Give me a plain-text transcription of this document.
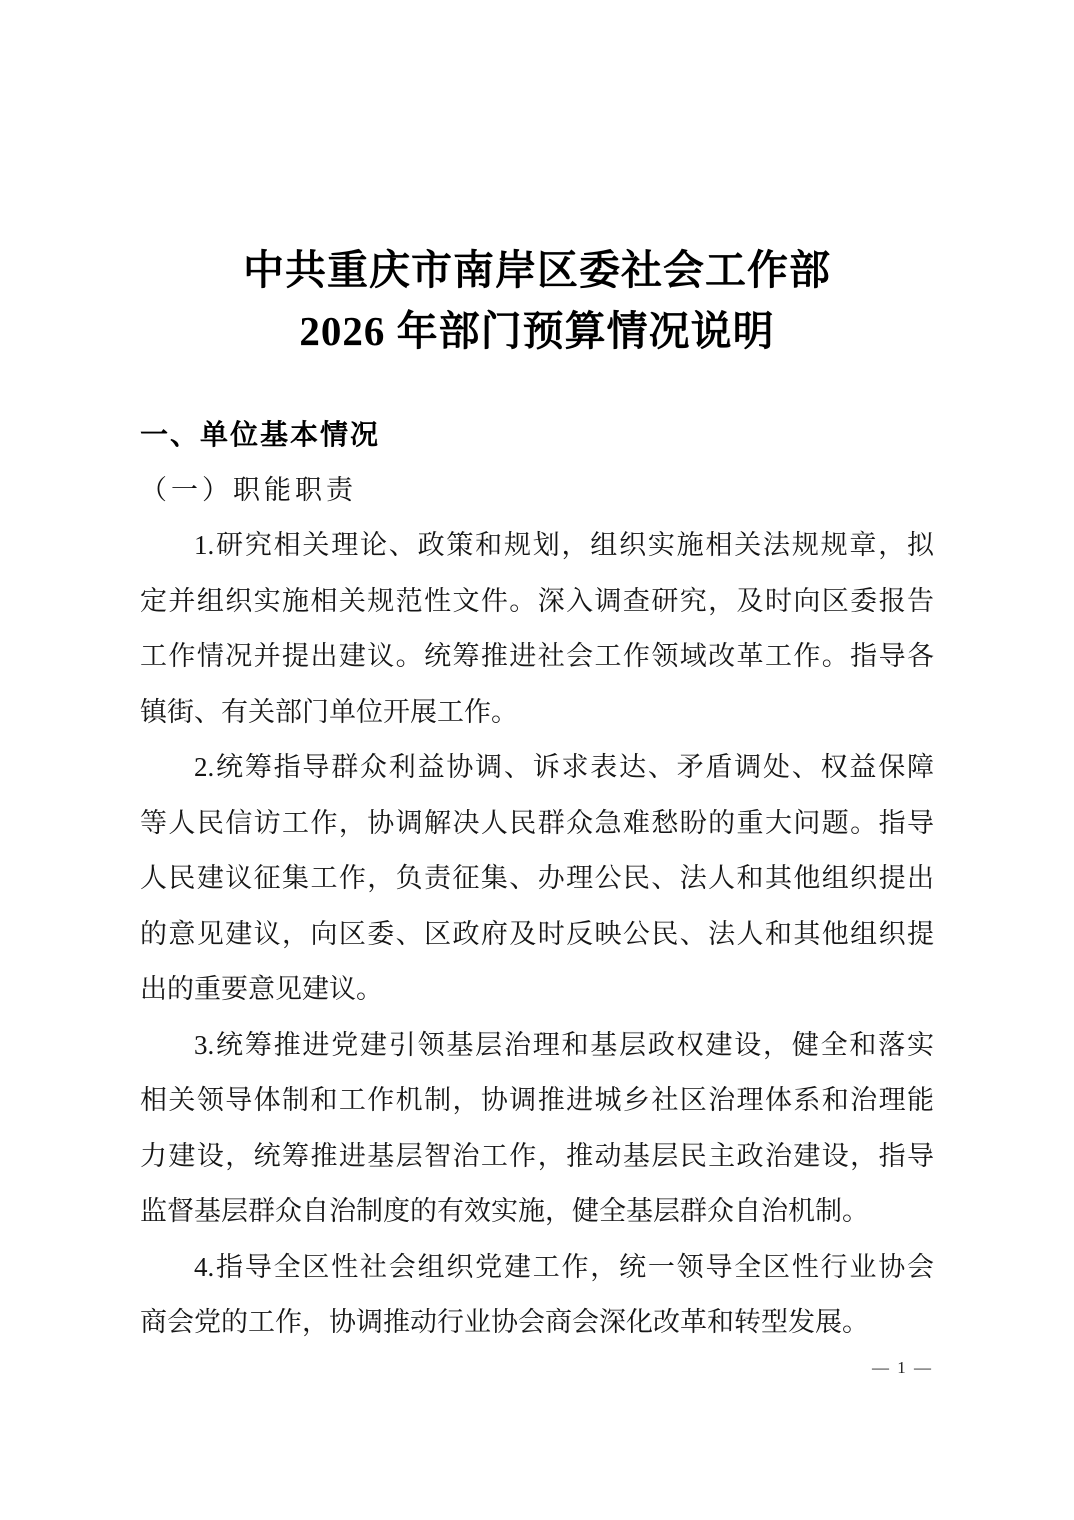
中共重庆市南岸区委社会工作部
2026 年部门预算情况说明
一、单位基本情况
（一）职能职责
1.研究相关理论、政策和规划，组织实施相关法规规章，拟
定并组织实施相关规范性文件。深入调查研究，及时向区委报告
工作情况并提出建议。统筹推进社会工作领域改革工作。指导各
镇街、有关部门单位开展工作。
2.统筹指导群众利益协调、诉求表达、矛盾调处、权益保障
等人民信访工作，协调解决人民群众急难愁盼的重大问题。指导
人民建议征集工作，负责征集、办理公民、法人和其他组织提出
的意见建议，向区委、区政府及时反映公民、法人和其他组织提
出的重要意见建议。
3.统筹推进党建引领基层治理和基层政权建设，健全和落实
相关领导体制和工作机制，协调推进城乡社区治理体系和治理能
力建设，统筹推进基层智治工作，推动基层民主政治建设，指导
监督基层群众自治制度的有效实施，健全基层群众自治机制。
4.指导全区性社会组织党建工作，统一领导全区性行业协会
商会党的工作，协调推动行业协会商会深化改革和转型发展。
— 1 —
